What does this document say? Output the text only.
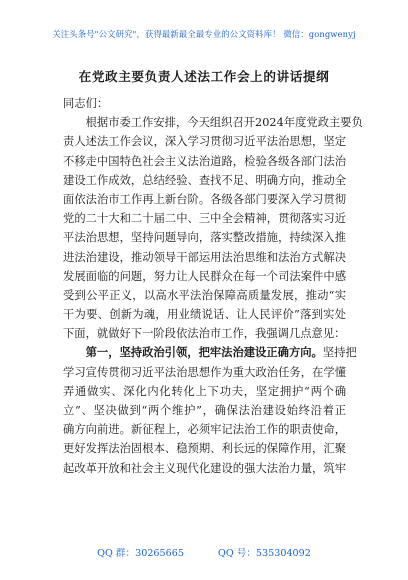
关注头条号"公文研究"，获得最新最全最专业的公文资料库！ 微信：gongwenyj
在党政主要负责人述法工作会上的讲话提纲
同志们：
　　根据市委工作安排，今天组织召开2024年度党政主要负
责人述法工作会议，深入学习贯彻习近平法治思想，坚定
不移走中国特色社会主义法治道路，检验各级各部门法治
建设工作成效，总结经验、查找不足、明确方向，推动全
面依法治市工作再上新台阶。各级各部门要深入学习贯彻
党的二十大和二十届二中、三中全会精神，贯彻落实习近
平法治思想，坚持问题导向，落实整改措施，持续深入推
进法治建设，推动领导干部运用法治思维和法治方式解决
发展面临的问题，努力让人民群众在每一个司法案件中感
受到公平正义，以高水平法治保障高质量发展，推动“实
干为要、创新为魂，用业绩说话、让人民评价”落到实处
下面，就做好下一阶段依法治市工作，我强调几点意见：
　　第一，坚持政治引领，把牢法治建设正确方向。坚持把
学习宣传贯彻习近平法治思想作为重大政治任务，在学懂
弄通做实、深化内化转化上下功夫，坚定拥护“两个确
立”、坚决做到“两个维护”，确保法治建设始终沿着正
确方向前进。新征程上，必须牢记法治工作的职责使命，
更好发挥法治固根本、稳预期、利长远的保障作用，汇聚
起改革开放和社会主义现代化建设的强大法治力量，筑牢
QQ 群：30265665	QQ 号：535304092
